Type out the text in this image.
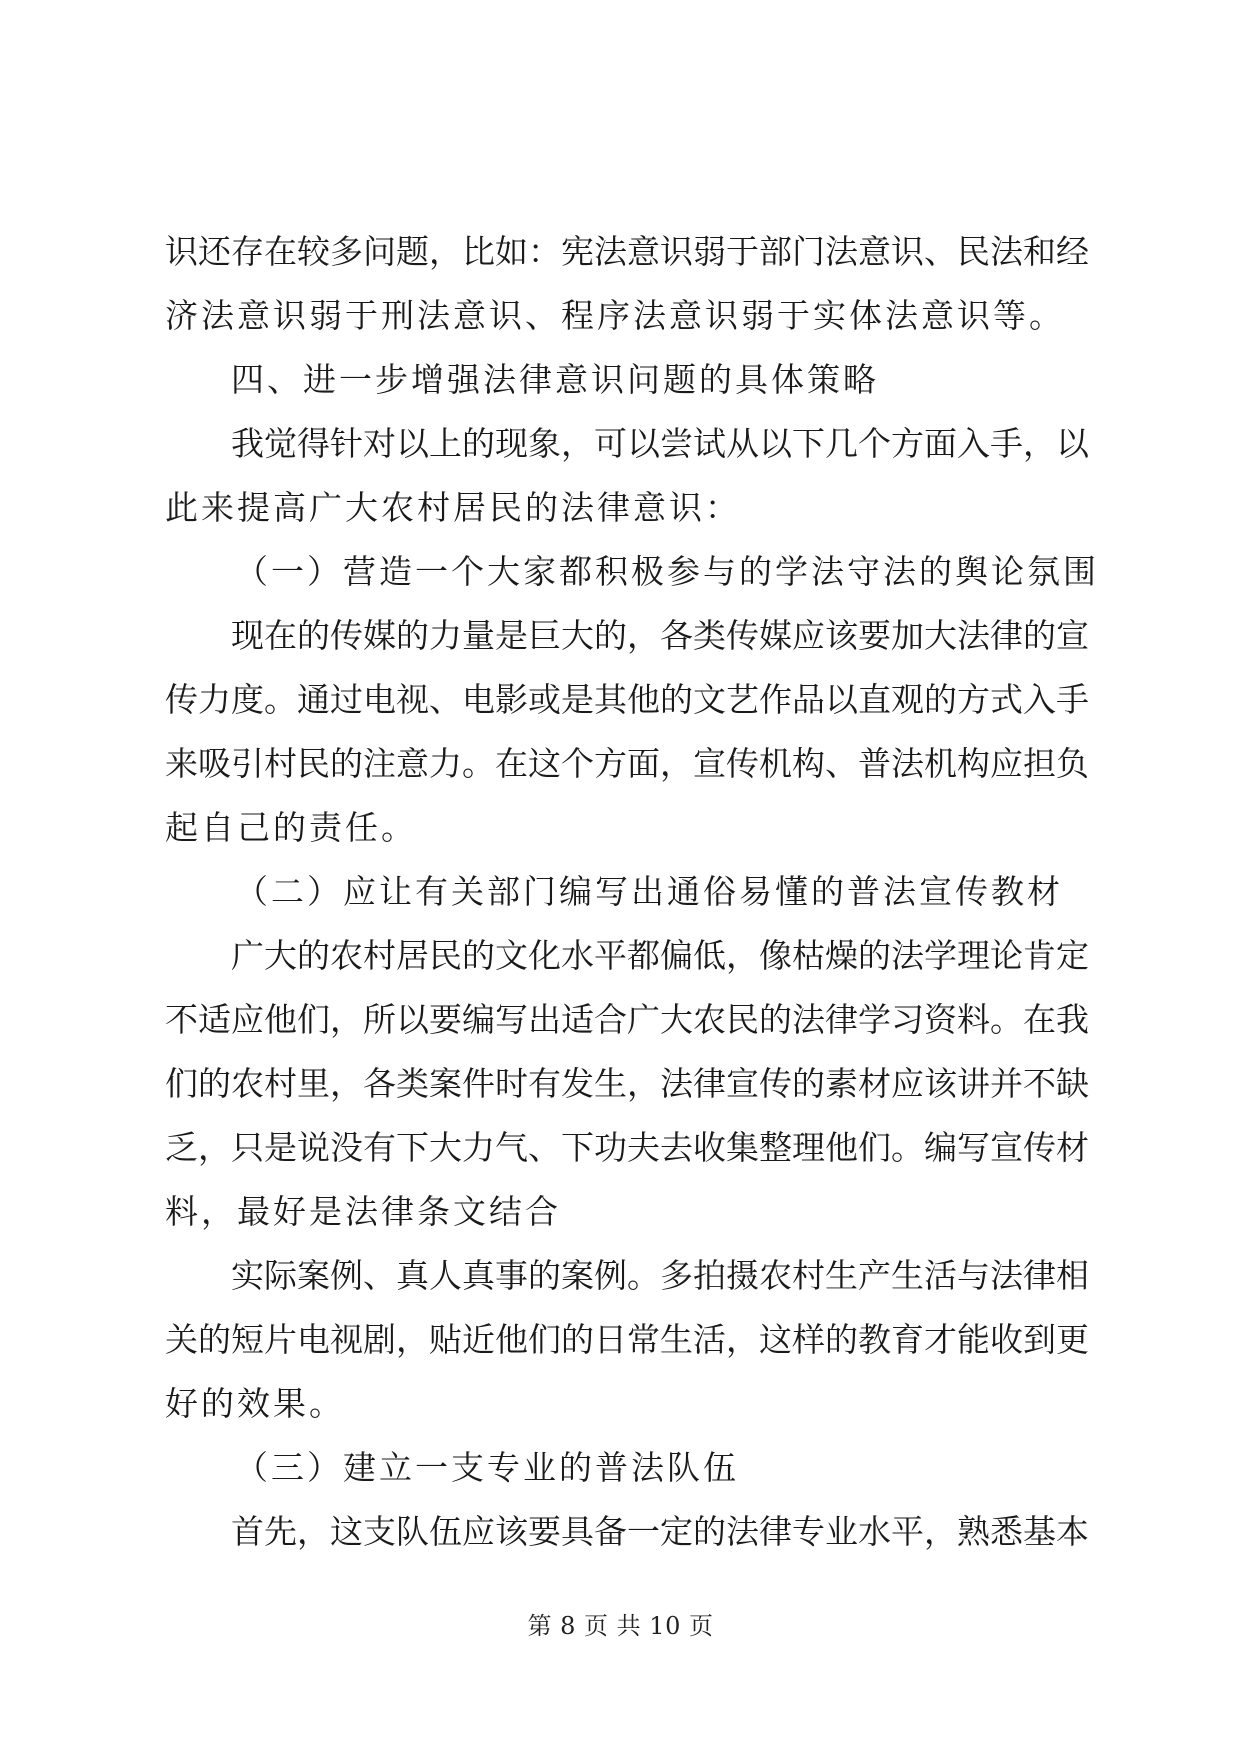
识还存在较多问题，比如：宪法意识弱于部门法意识、民法和经
济法意识弱于刑法意识、程序法意识弱于实体法意识等。
四、进一步增强法律意识问题的具体策略
我觉得针对以上的现象，可以尝试从以下几个方面入手，以
此来提高广大农村居民的法律意识：
（一）营造一个大家都积极参与的学法守法的舆论氛围
现在的传媒的力量是巨大的，各类传媒应该要加大法律的宣
传力度。通过电视、电影或是其他的文艺作品以直观的方式入手
来吸引村民的注意力。在这个方面，宣传机构、普法机构应担负
起自己的责任。
（二）应让有关部门编写出通俗易懂的普法宣传教材
广大的农村居民的文化水平都偏低，像枯燥的法学理论肯定
不适应他们，所以要编写出适合广大农民的法律学习资料。在我
们的农村里，各类案件时有发生，法律宣传的素材应该讲并不缺
乏，只是说没有下大力气、下功夫去收集整理他们。编写宣传材
料，最好是法律条文结合
实际案例、真人真事的案例。多拍摄农村生产生活与法律相
关的短片电视剧，贴近他们的日常生活，这样的教育才能收到更
好的效果。
（三）建立一支专业的普法队伍
首先，这支队伍应该要具备一定的法律专业水平，熟悉基本
第 8 页 共 10 页
